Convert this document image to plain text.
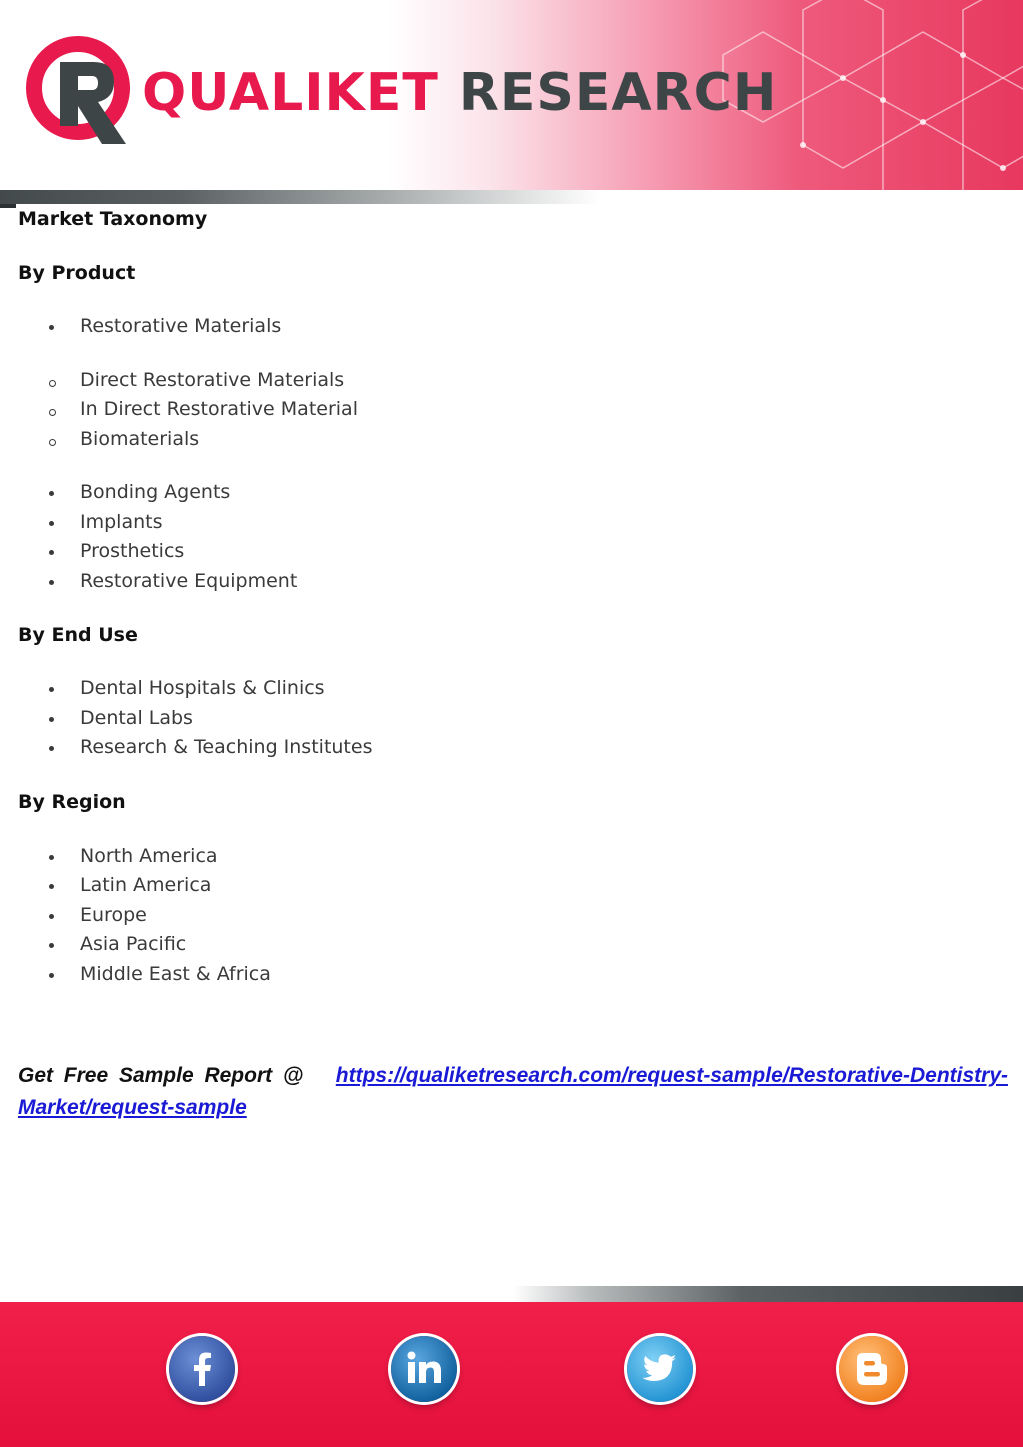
QUALIKET RESEARCH
Market Taxonomy
By Product
Restorative Materials
Direct Restorative Materials
In Direct Restorative Material
Biomaterials
Bonding Agents
Implants
Prosthetics
Restorative Equipment
By End Use
Dental Hospitals & Clinics
Dental Labs
Research & Teaching Institutes
By Region
North America
Latin America
Europe
Asia Pacific
Middle East & Africa
Get Free Sample Report @ https://qualiketresearch.com/request-sample/Restorative-Dentistry-Market/request-sample
